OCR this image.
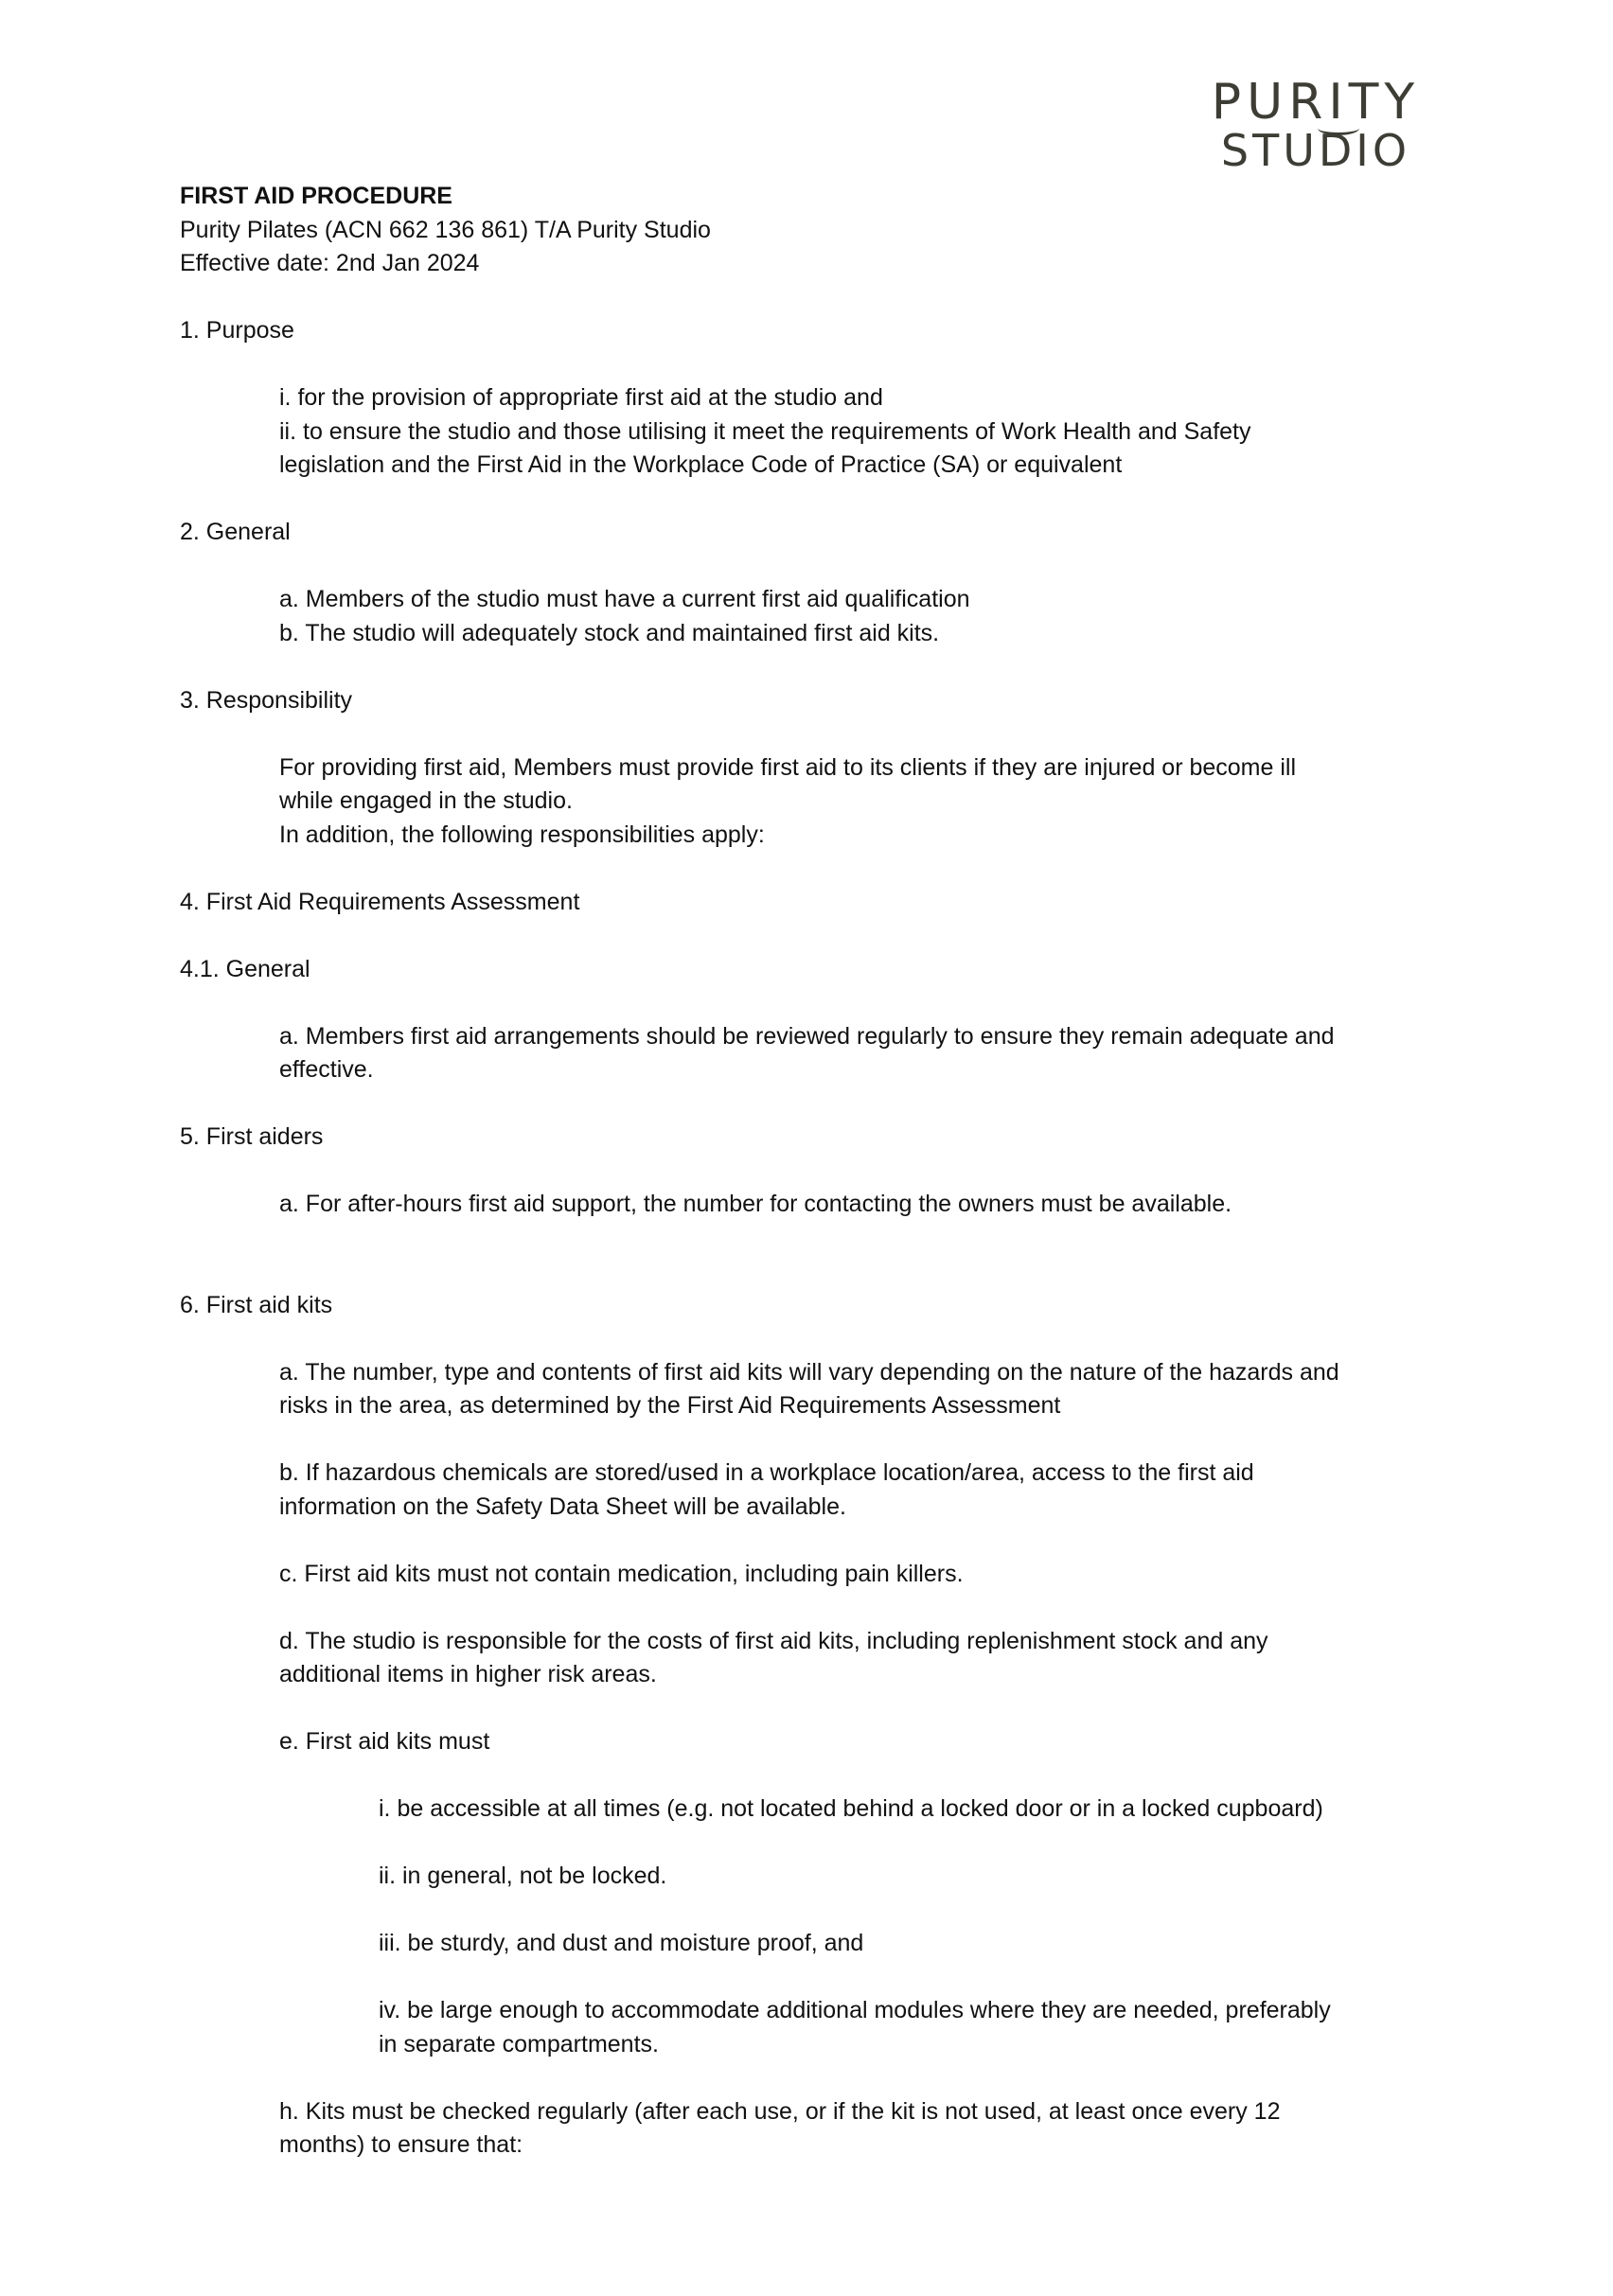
PURITY
STUDIO

FIRST AID PROCEDURE

Purity Pilates (ACN 662 136 861) T/A Purity Studio

Effective date: 2nd Jan 2024

1. Purpose

i. for the provision of appropriate first aid at the studio and

ii. to ensure the studio and those utilising it meet the requirements of Work Health and Safety

legislation and the First Aid in the Workplace Code of Practice (SA) or equivalent

2. General

a. Members of the studio must have a current first aid qualification

b. The studio will adequately stock and maintained first aid kits.

3. Responsibility

For providing first aid, Members must provide first aid to its clients if they are injured or become ill

while engaged in the studio.

In addition, the following responsibilities apply:

4. First Aid Requirements Assessment

4.1. General

a. Members first aid arrangements should be reviewed regularly to ensure they remain adequate and

effective.

5. First aiders

a. For after-hours first aid support, the number for contacting the owners must be available.

6. First aid kits

a. The number, type and contents of first aid kits will vary depending on the nature of the hazards and

risks in the area, as determined by the First Aid Requirements Assessment

b. If hazardous chemicals are stored/used in a workplace location/area, access to the first aid

information on the Safety Data Sheet will be available.

c. First aid kits must not contain medication, including pain killers.

d. The studio is responsible for the costs of first aid kits, including replenishment stock and any

additional items in higher risk areas.

e. First aid kits must

i. be accessible at all times (e.g. not located behind a locked door or in a locked cupboard)

ii. in general, not be locked.

iii. be sturdy, and dust and moisture proof, and

iv. be large enough to accommodate additional modules where they are needed, preferably

in separate compartments.

h. Kits must be checked regularly (after each use, or if the kit is not used, at least once every 12

months) to ensure that:
